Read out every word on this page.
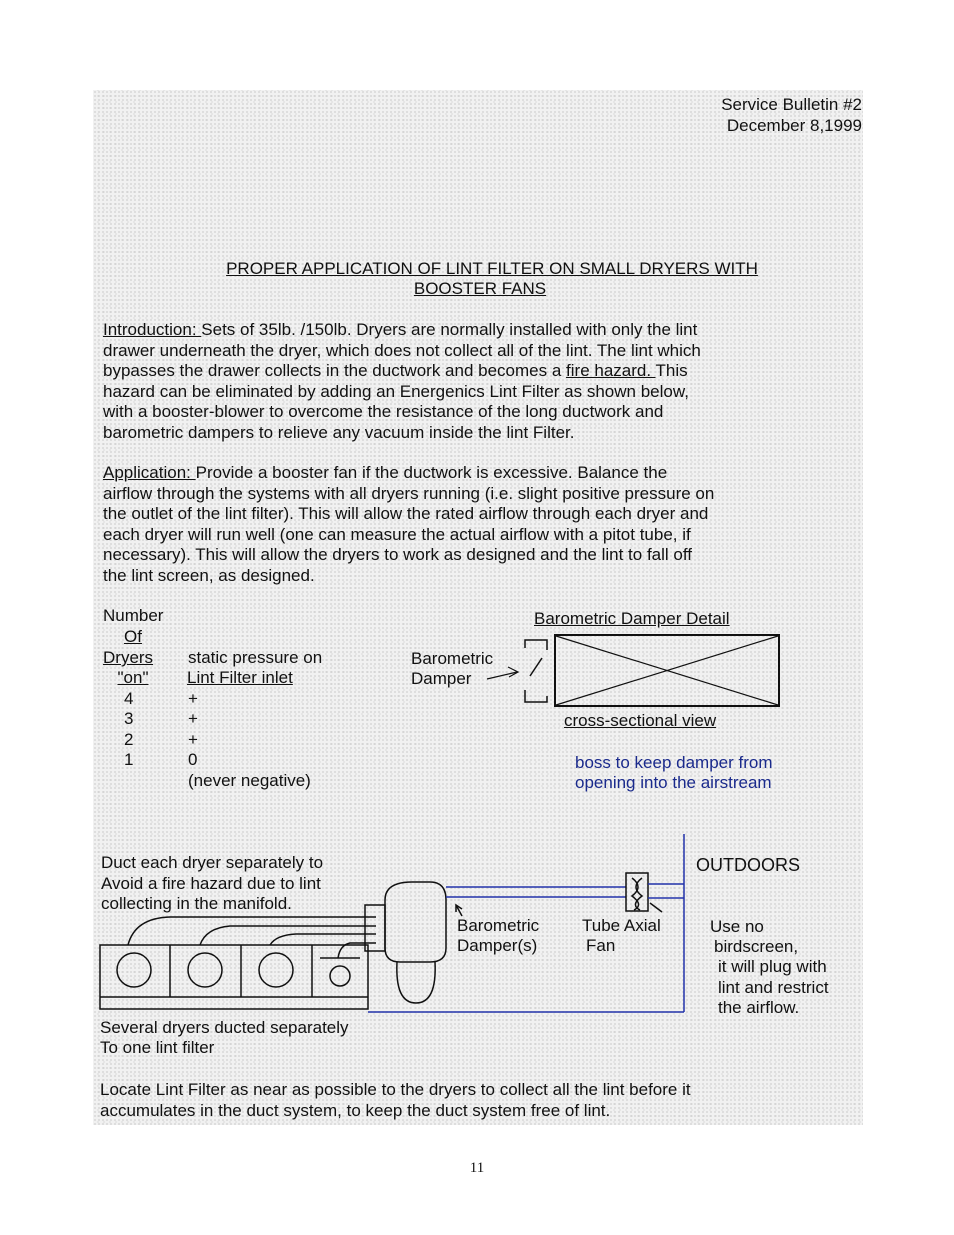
Service Bulletin #2
December 8,1999
PROPER APPLICATION OF LINT FILTER ON SMALL DRYERS WITH
BOOSTER FANS
Introduction: Sets of 35lb. /150lb. Dryers are normally installed with only the lint
drawer underneath the dryer, which does not collect all of the lint. The lint which
bypasses the drawer collects in the ductwork and becomes a fire hazard. This
hazard can be eliminated by adding an Energenics Lint Filter as shown below,
with a booster-blower to overcome the resistance of the long ductwork and
barometric dampers to relieve any vacuum inside the lint Filter.
Application: Provide a booster fan if the ductwork is excessive. Balance the
airflow through the systems with all dryers running (i.e. slight positive pressure on
the outlet of the lint filter). This will allow the rated airflow through each dryer and
each dryer will run well (one can measure the actual airflow with a pitot tube, if
necessary). This will allow the dryers to work as designed and the lint to fall off
the lint screen, as designed.
Number
Of
Dryers
"on"
static pressure on
Lint Filter inlet
4	+
3	+
2	+
1	0
(never negative)
Barometric Damper Detail
Barometric
Damper
cross-sectional view
boss to keep damper from
opening into the airstream
Duct each dryer separately to
Avoid a fire hazard due to lint
collecting in the manifold.
OUTDOORS
Barometric
Damper(s)
Tube Axial
Fan
Use no
birdscreen,
it will plug with
lint and restrict
the airflow.
Several dryers ducted separately
To one lint filter
Locate Lint Filter as near as possible to the dryers to collect all the lint before it
accumulates in the duct system, to keep the duct system free of lint.
11
